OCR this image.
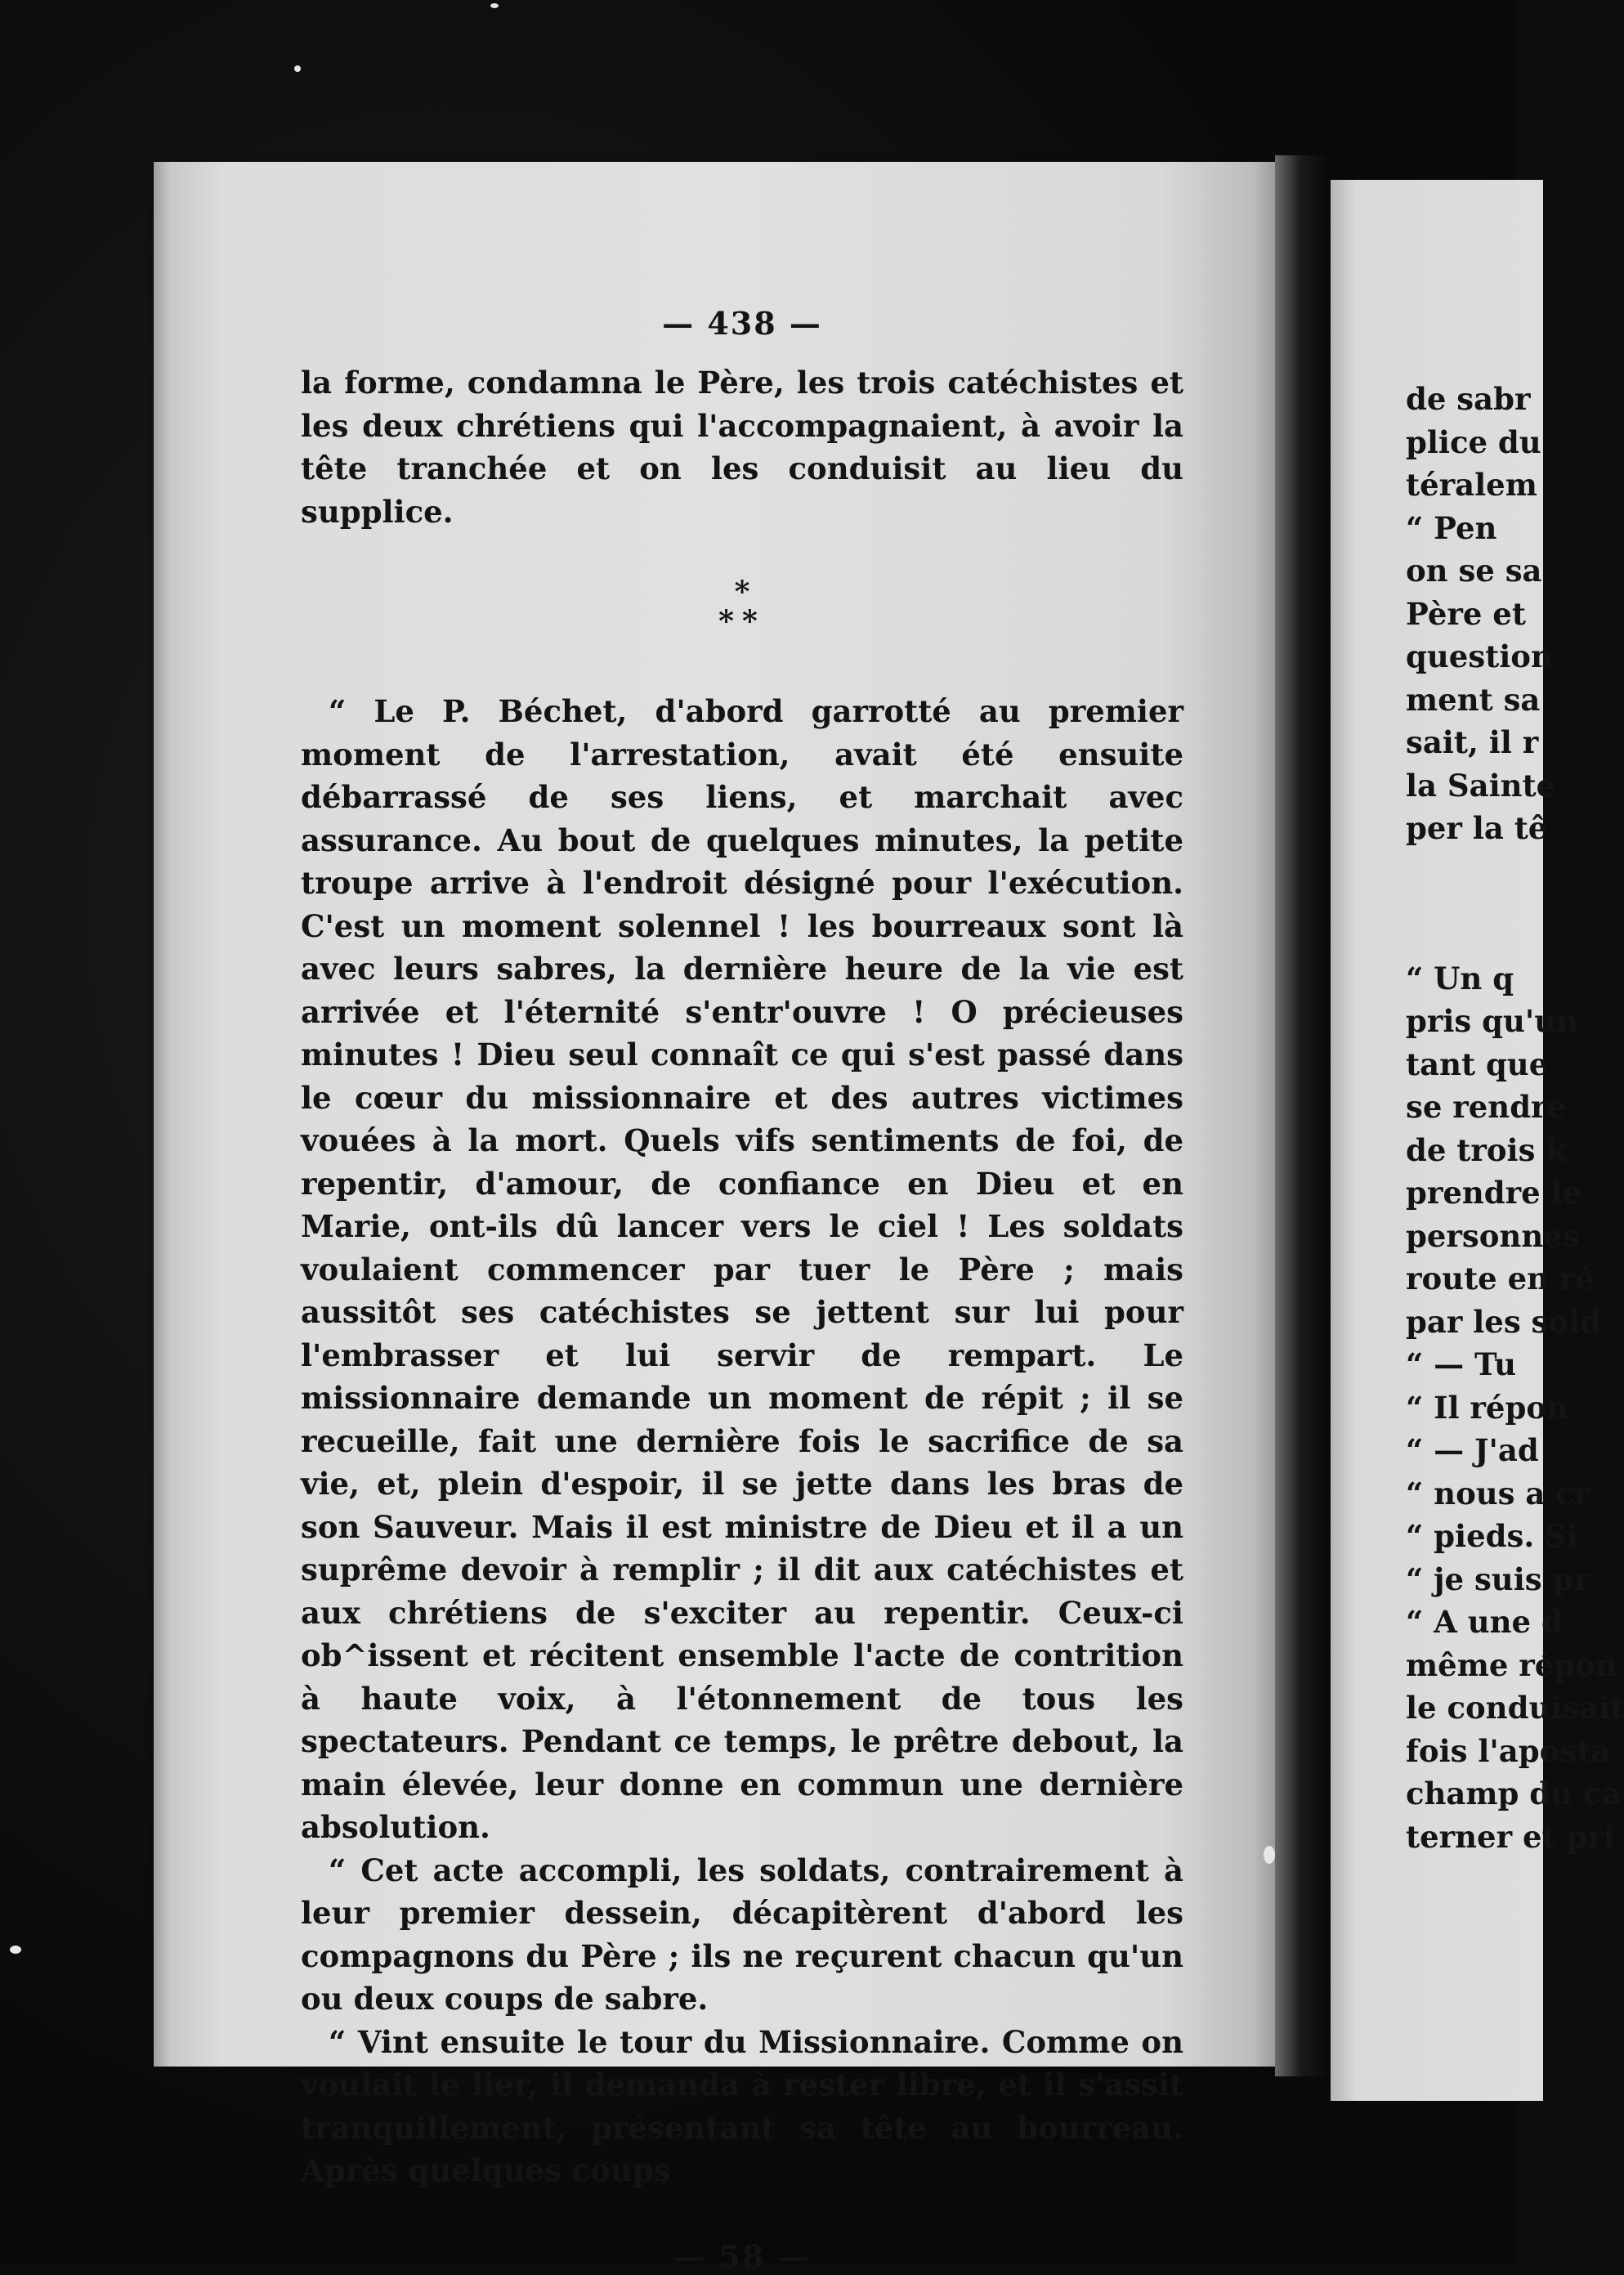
— 438 —

la forme, condamna le Père, les trois catéchistes et les deux chrétiens qui l'accompagnaient, à avoir la tête tranchée et on les conduisit au lieu du supplice.

*
**

“ Le P. Béchet, d'abord garrotté au premier moment de l'arrestation, avait été ensuite débarrassé de ses liens, et marchait avec assurance. Au bout de quelques minutes, la petite troupe arrive à l'endroit désigné pour l'exécution. C'est un moment solennel ! les bourreaux sont là avec leurs sabres, la dernière heure de la vie est arrivée et l'éternité s'entr'ouvre ! O précieuses minutes ! Dieu seul connaît ce qui s'est passé dans le cœur du missionnaire et des autres victimes vouées à la mort. Quels vifs sentiments de foi, de repentir, d'amour, de confiance en Dieu et en Marie, ont-ils dû lancer vers le ciel ! Les soldats voulaient commencer par tuer le Père ; mais aussitôt ses catéchistes se jettent sur lui pour l'embrasser et lui servir de rempart. Le missionnaire demande un moment de répit ; il se recueille, fait une dernière fois le sacrifice de sa vie, et, plein d'espoir, il se jette dans les bras de son Sauveur. Mais il est ministre de Dieu et il a un suprême devoir à remplir ; il dit aux catéchistes et aux chrétiens de s'exciter au repentir. Ceux-ci ob^issent et récitent ensemble l'acte de contrition à haute voix, à l'étonnement de tous les spectateurs. Pendant ce temps, le prêtre debout, la main élevée, leur donne en commun une dernière absolution.

“ Cet acte accompli, les soldats, contrairement à leur premier dessein, décapitèrent d'abord les compagnons du Père ; ils ne reçurent chacun qu'un ou deux coups de sabre.

“ Vint ensuite le tour du Missionnaire. Comme on voulait le lier, il demanda à rester libre, et il s'assit tranquillement, présentant sa tête au bourreau. Après quelques coups

— 58 —
de sabr
plice du
téralem
“ Pen
on se sa
Père et
question
ment sa
sait, il r
la Sainte
per la tê
“ Un q
pris qu'un
tant que
se rendre
de trois k
prendre le
personnes
route en ré
par les sold
“ — Tu
“ Il répon
“ — J'ad
“ nous a cr
“ pieds. Si
“ je suis pr
“ A une d
même répon
le conduisait
fois l'aposta
champ du ca
terner et pri
